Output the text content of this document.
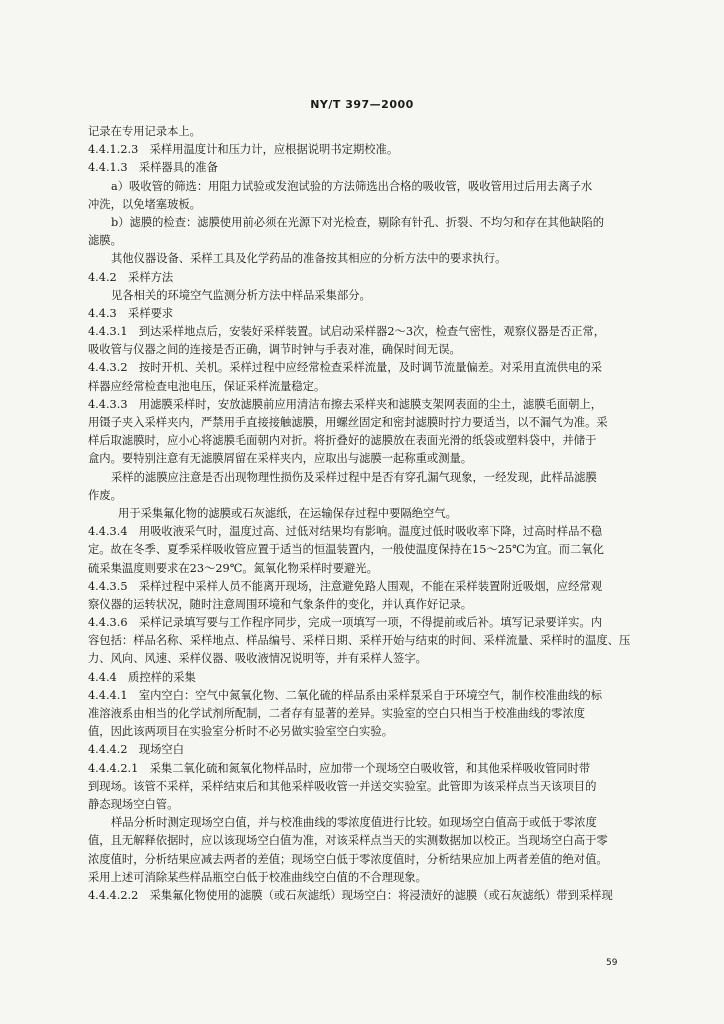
NY/T 397—2000
记录在专用记录本上。
4.4.1.2.3　采样用温度计和压力计，应根据说明书定期校准。
4.4.1.3　采样器具的准备
a）吸收管的筛选：用阻力试验或发泡试验的方法筛选出合格的吸收管，吸收管用过后用去离子水
冲洗，以免堵塞玻板。
b）滤膜的检查：滤膜使用前必须在光源下对光检查，剔除有针孔、折裂、不均匀和存在其他缺陷的
滤膜。
其他仪器设备、采样工具及化学药品的准备按其相应的分析方法中的要求执行。
4.4.2　采样方法
见各相关的环境空气监测分析方法中样品采集部分。
4.4.3　采样要求
4.4.3.1　到达采样地点后，安装好采样装置。试启动采样器2～3次，检查气密性，观察仪器是否正常，
吸收管与仪器之间的连接是否正确，调节时钟与手表对准，确保时间无误。
4.4.3.2　按时开机、关机。采样过程中应经常检查采样流量，及时调节流量偏差。对采用直流供电的采
样器应经常检查电池电压，保证采样流量稳定。
4.4.3.3　用滤膜采样时，安放滤膜前应用清洁布擦去采样夹和滤膜支架网表面的尘土，滤膜毛面朝上，
用镊子夹入采样夹内，严禁用手直接接触滤膜，用螺丝固定和密封滤膜时拧力要适当，以不漏气为准。采
样后取滤膜时，应小心将滤膜毛面朝内对折。将折叠好的滤膜放在表面光滑的纸袋或塑料袋中，并储于
盒内。要特别注意有无滤膜屑留在采样夹内，应取出与滤膜一起称重或测量。
采样的滤膜应注意是否出现物理性损伤及采样过程中是否有穿孔漏气现象，一经发现，此样品滤膜
作废。
用于采集氟化物的滤膜或石灰滤纸，在运输保存过程中要隔绝空气。
4.4.3.4　用吸收液采气时，温度过高、过低对结果均有影响。温度过低时吸收率下降，过高时样品不稳
定。故在冬季、夏季采样吸收管应置于适当的恒温装置内，一般使温度保持在15～25℃为宜。而二氧化
硫采集温度则要求在23～29℃。氮氧化物采样时要避光。
4.4.3.5　采样过程中采样人员不能离开现场，注意避免路人围观，不能在采样装置附近吸烟，应经常观
察仪器的运转状况，随时注意周围环境和气象条件的变化，并认真作好记录。
4.4.3.6　采样记录填写要与工作程序同步，完成一项填写一项，不得提前或后补。填写记录要详实。内
容包括：样品名称、采样地点、样品编号、采样日期、采样开始与结束的时间、采样流量、采样时的温度、压
力、风向、风速、采样仪器、吸收液情况说明等，并有采样人签字。
4.4.4　质控样的采集
4.4.4.1　室内空白：空气中氮氧化物、二氧化硫的样品系由采样泵采自于环境空气，制作校准曲线的标
准溶液系由相当的化学试剂所配制，二者存有显著的差异。实验室的空白只相当于校准曲线的零浓度
值，因此该两项目在实验室分析时不必另做实验室空白实验。
4.4.4.2　现场空白
4.4.4.2.1　采集二氧化硫和氮氧化物样品时，应加带一个现场空白吸收管，和其他采样吸收管同时带
到现场。该管不采样，采样结束后和其他采样吸收管一并送交实验室。此管即为该采样点当天该项目的
静态现场空白管。
样品分析时测定现场空白值，并与校准曲线的零浓度值进行比较。如现场空白值高于或低于零浓度
值，且无解释依据时，应以该现场空白值为准，对该采样点当天的实测数据加以校正。当现场空白高于零
浓度值时，分析结果应减去两者的差值；现场空白低于零浓度值时，分析结果应加上两者差值的绝对值。
采用上述可消除某些样品瓶空白低于校准曲线空白值的不合理现象。
4.4.4.2.2　采集氟化物使用的滤膜（或石灰滤纸）现场空白：将浸渍好的滤膜（或石灰滤纸）带到采样现
59
